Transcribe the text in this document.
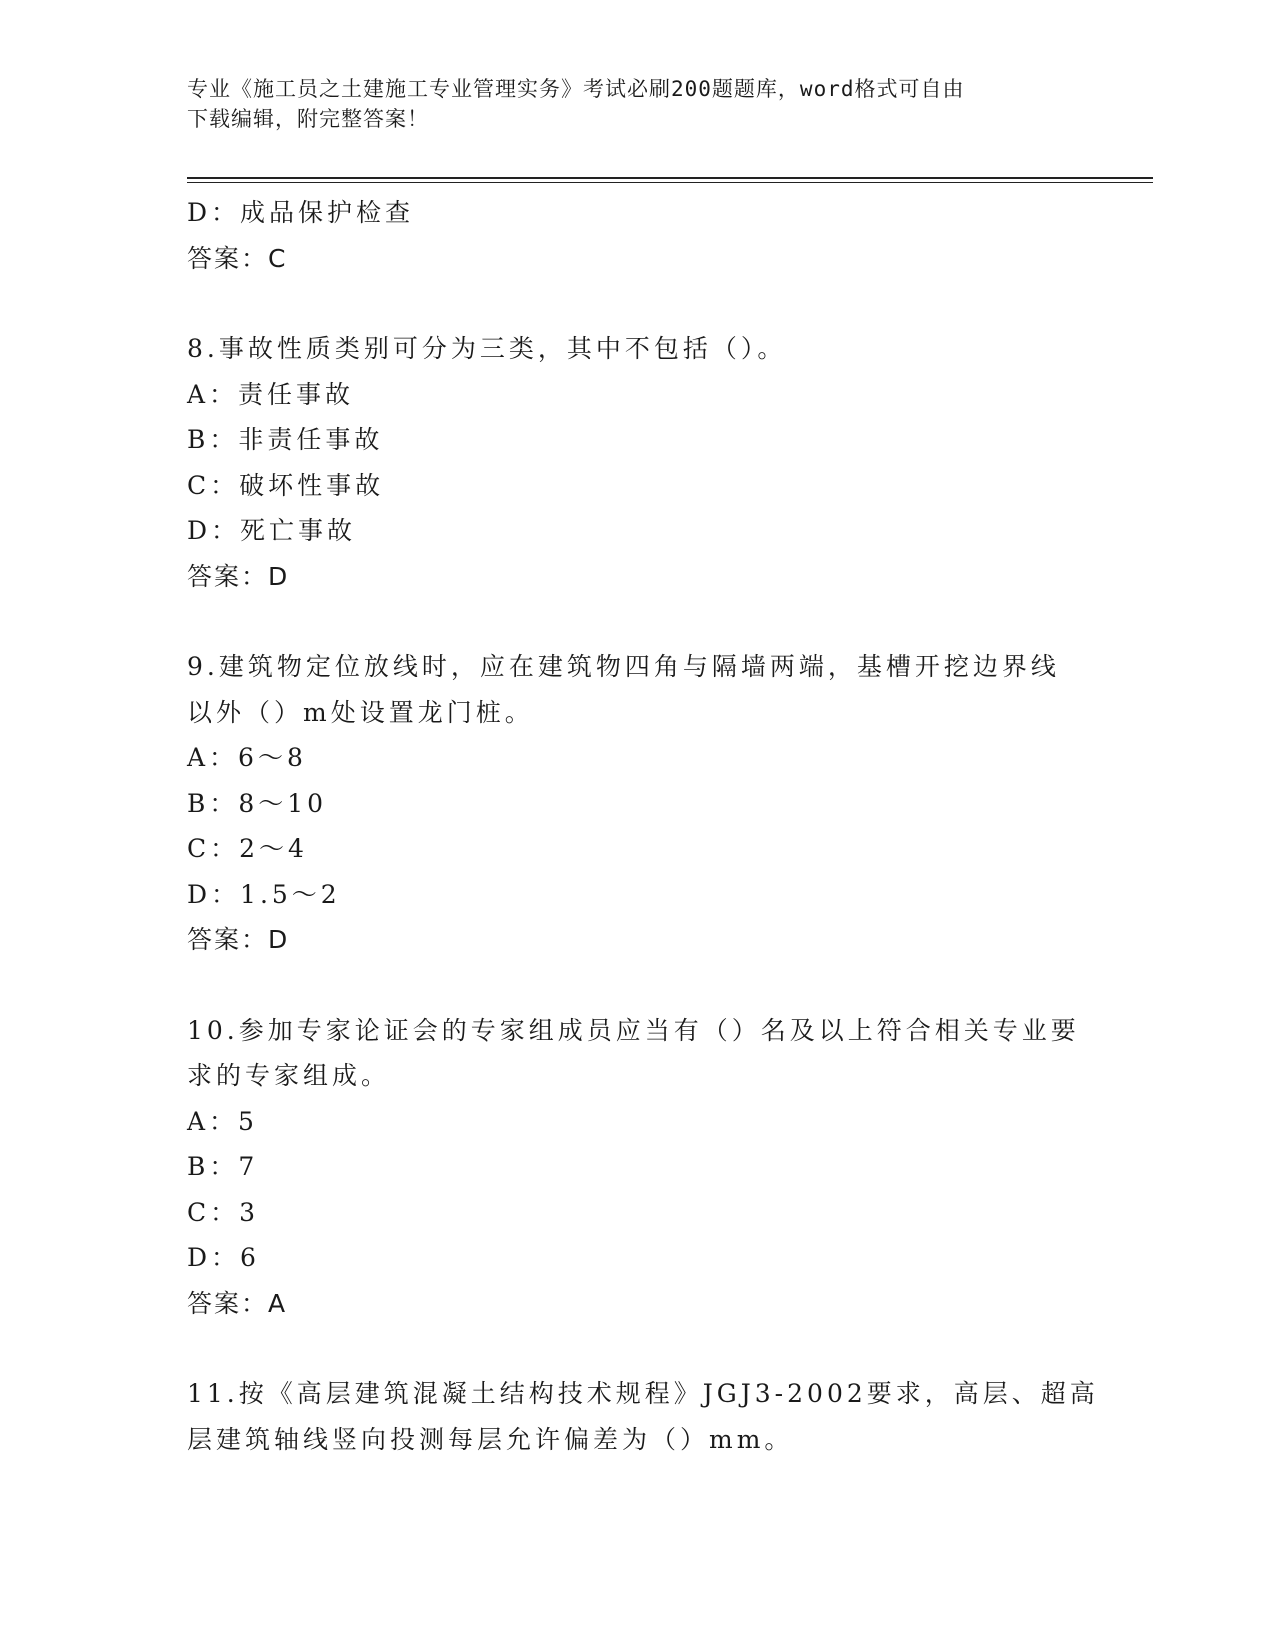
专业《施工员之土建施工专业管理实务》考试必刷200题题库，word格式可自由
下载编辑，附完整答案！
D：成品保护检查
答案：C
8.事故性质类别可分为三类，其中不包括（）。
A：责任事故
B：非责任事故
C：破坏性事故
D：死亡事故
答案：D
9.建筑物定位放线时，应在建筑物四角与隔墙两端，基槽开挖边界线
以外（）m处设置龙门桩。
A：6～8
B：8～10
C：2～4
D：1.5～2
答案：D
10.参加专家论证会的专家组成员应当有（）名及以上符合相关专业要
求的专家组成。
A：5
B：7
C：3
D：6
答案：A
11.按《高层建筑混凝土结构技术规程》JGJ3-2002要求，高层、超高
层建筑轴线竖向投测每层允许偏差为（）mm。
